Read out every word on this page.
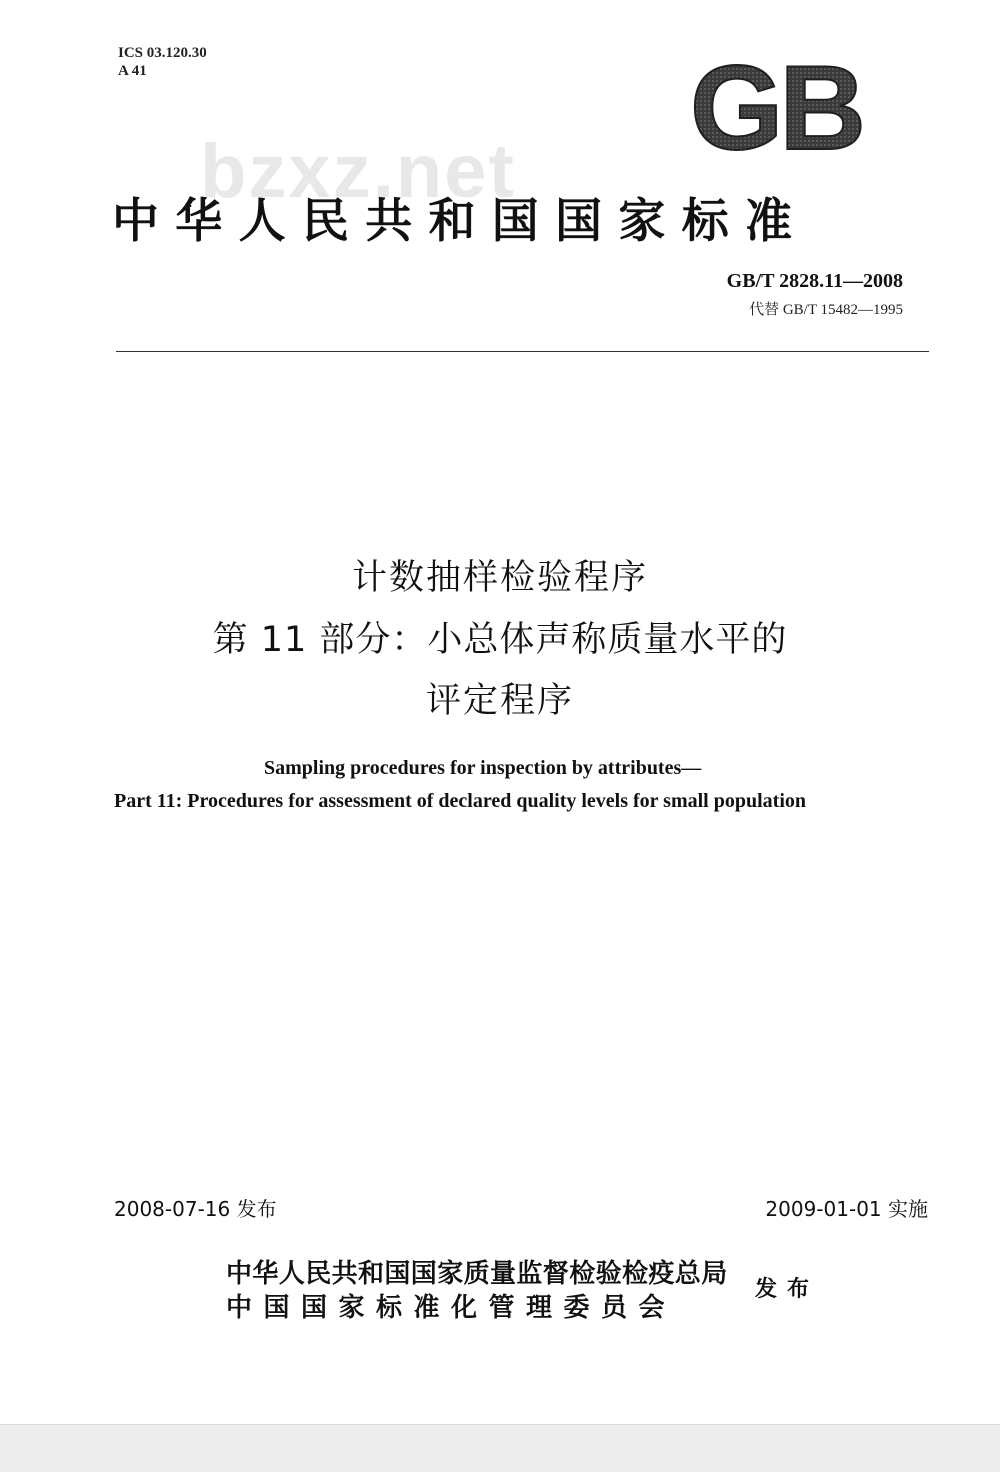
ICS 03.120.30
A 41	GB
bzxz.net
中华人民共和国国家标准
GB/T 2828.11—2008
代替 GB/T 15482—1995
计数抽样检验程序
第 11 部分：小总体声称质量水平的
评定程序
Sampling procedures for inspection by attributes—
Part 11: Procedures for assessment of declared quality levels for small population
2008-07-16 发布	2009-01-01 实施
中华人民共和国国家质量监督检验检疫总局
中国国家标准化管理委员会
发布
